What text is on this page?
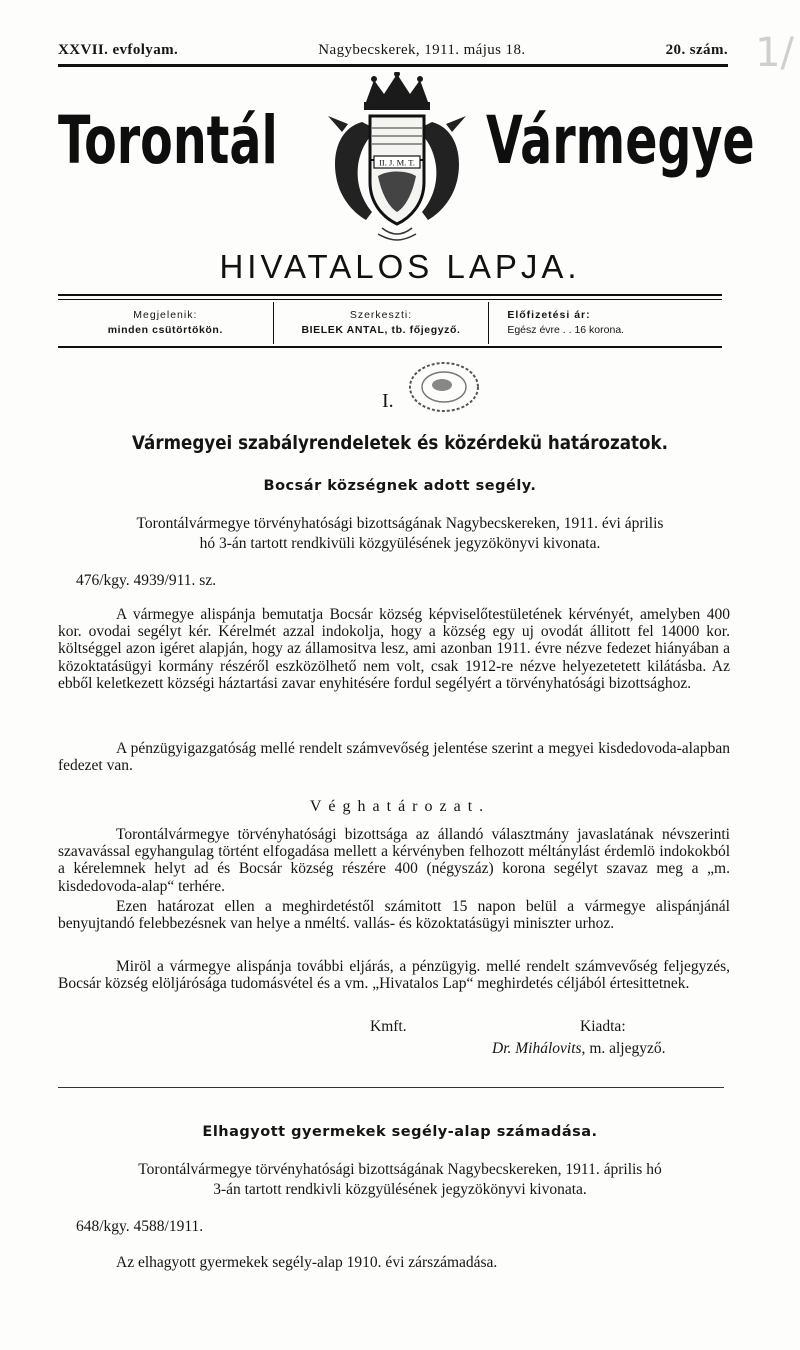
XXVII. evfolyam.	Nagybecskerek, 1911. május 18.	20. szám. 1/
Torontál	Vármegye
II. J. M. T.
HIVATALOS LAPJA.
Megjelenik:
minden csütörtökön.
Szerkeszti:
BIELEK ANTAL, tb. főjegyző.
Előfizetési ár:
Egész évre . . 16 korona.
I.
Vármegyei szabályrendeletek és közérdekü határozatok.
Bocsár községnek adott segély.
Torontálvármegye törvényhatósági bizottságának Nagybecskereken, 1911. évi április
hó 3-án tartott rendkivüli közgyülésének jegyzökönyvi kivonata.
476/kgy. 4939/911. sz.

A vármegye alispánja bemutatja Bocsár község képviselőtestületének kérvényét, amelyben 400 kor. ovodai segélyt kér. Kérelmét azzal indokolja, hogy a község egy uj ovodát állitott fel 14000 kor. költséggel azon igéret alapján, hogy az államositva lesz, ami azonban 1911. évre nézve fedezet hiányában a közoktatásügyi kormány részéről eszközölhető nem volt, csak 1912-re nézve helyezetetett kilátásba. Az ebből keletkezett községi háztartási zavar enyhitésére fordul segélyért a törvényhatósági bizottsághoz.

A pénzügyigazgatóság mellé rendelt számvevőség jelentése szerint a megyei kisdedovoda-alapban fedezet van.

Véghatározat.

Torontálvármegye törvényhatósági bizottsága az állandó választmány javaslatának névszerinti szavavással egyhangulag történt elfogadása mellett a kérvényben felhozott méltánylást érdemlö indokokból a kérelemnek helyt ad és Bocsár község részére 400 (négyszáz) korona segélyt szavaz meg a „m. kisdedovoda-alap“ terhére.

Ezen határozat ellen a meghirdetéstől számitott 15 napon belül a vármegye alispánjánál benyujtandó felebbezésnek van helye a nméltś. vallás- és közoktatásügyi miniszter urhoz.

Miröl a vármegye alispánja további eljárás, a pénzügyig. mellé rendelt számvevőség feljegyzés, Bocsár község elöljárósága tudomásvétel és a vm. „Hivatalos Lap“ meghirdetés céljából értesittetnek.

Kmft.	Kiadta:
Dr. Mihálovits, m. aljegyző.
Elhagyott gyermekek segély-alap számadása.
Torontálvármegye törvényhatósági bizottságának Nagybecskereken, 1911. április hó
3-án tartott rendkivli közgyülésének jegyzökönyvi kivonata.
648/kgy. 4588/1911.

Az elhagyott gyermekek segély-alap 1910. évi zárszámadása.
